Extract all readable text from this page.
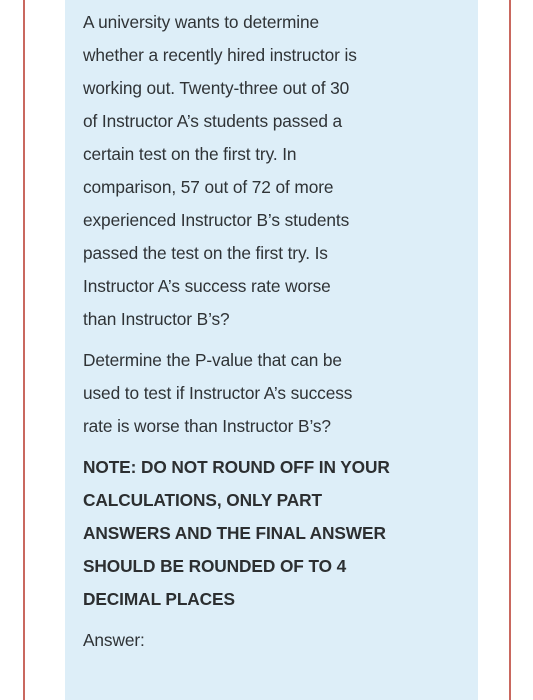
A university wants to determine
whether a recently hired instructor is
working out. Twenty-three out of 30
of Instructor A’s students passed a
certain test on the first try. In
comparison, 57 out of 72 of more
experienced Instructor B’s students
passed the test on the first try. Is
Instructor A’s success rate worse
than Instructor B’s?

Determine the P-value that can be
used to test if Instructor A’s success
rate is worse than Instructor B’s?

NOTE: DO NOT ROUND OFF IN YOUR
CALCULATIONS, ONLY PART
ANSWERS AND THE FINAL ANSWER
SHOULD BE ROUNDED OF TO 4
DECIMAL PLACES

Answer:
